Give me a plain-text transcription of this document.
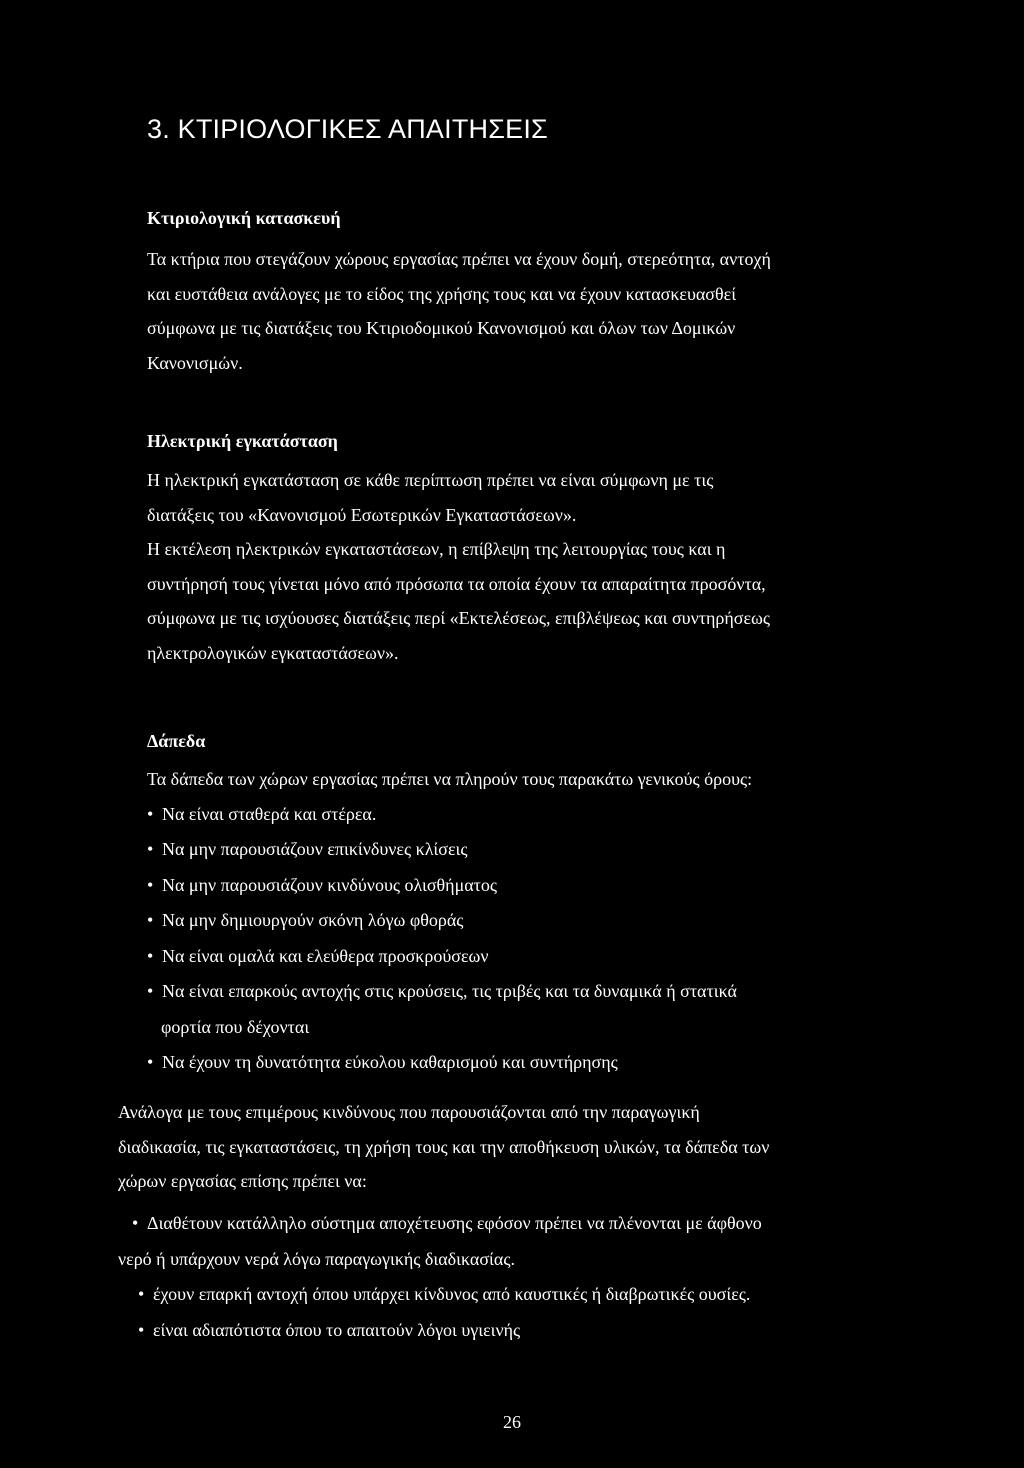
3. ΚΤΙΡΙΟΛΟΓΙΚΕΣ ΑΠΑΙΤΗΣΕΙΣ
Κτιριολογική κατασκευή

Τα κτήρια που στεγάζουν χώρους εργασίας πρέπει να έχουν δομή, στερεότητα, αντοχή

και ευστάθεια ανάλογες με το είδος της χρήσης τους και να έχουν κατασκευασθεί

σύμφωνα με τις διατάξεις του Κτιριοδομικού Κανονισμού και όλων των Δομικών

Κανονισμών.

Ηλεκτρική εγκατάσταση

Η ηλεκτρική εγκατάσταση σε κάθε περίπτωση πρέπει να είναι σύμφωνη με τις

διατάξεις του «Κανονισμού Εσωτερικών Εγκαταστάσεων».

Η εκτέλεση ηλεκτρικών εγκαταστάσεων, η επίβλεψη της λειτουργίας τους και η

συντήρησή τους γίνεται μόνο από πρόσωπα τα οποία έχουν τα απαραίτητα προσόντα,

σύμφωνα με τις ισχύουσες διατάξεις περί «Εκτελέσεως, επιβλέψεως και συντηρήσεως

ηλεκτρολογικών εγκαταστάσεων».

Δάπεδα

Τα δάπεδα των χώρων εργασίας πρέπει να πληρούν τους παρακάτω γενικούς όρους:

• Να είναι σταθερά και στέρεα.
• Να μην παρουσιάζουν επικίνδυνες κλίσεις
• Να μην παρουσιάζουν κινδύνους ολισθήματος
• Να μην δημιουργούν σκόνη λόγω φθοράς
• Να είναι ομαλά και ελεύθερα προσκρούσεων
• Να είναι επαρκούς αντοχής στις κρούσεις, τις τριβές και τα δυναμικά ή στατικά
φορτία που δέχονται
• Να έχουν τη δυνατότητα εύκολου καθαρισμού και συντήρησης

Ανάλογα με τους επιμέρους κινδύνους που παρουσιάζονται από την παραγωγική

διαδικασία, τις εγκαταστάσεις, τη χρήση τους και την αποθήκευση υλικών, τα δάπεδα των

χώρων εργασίας επίσης πρέπει να:

• Διαθέτουν κατάλληλο σύστημα αποχέτευσης εφόσον πρέπει να πλένονται με άφθονο
νερό ή υπάρχουν νερά λόγω παραγωγικής διαδικασίας.
• έχουν επαρκή αντοχή όπου υπάρχει κίνδυνος από καυστικές ή διαβρωτικές ουσίες.
• είναι αδιαπότιστα όπου το απαιτούν λόγοι υγιεινής
26
